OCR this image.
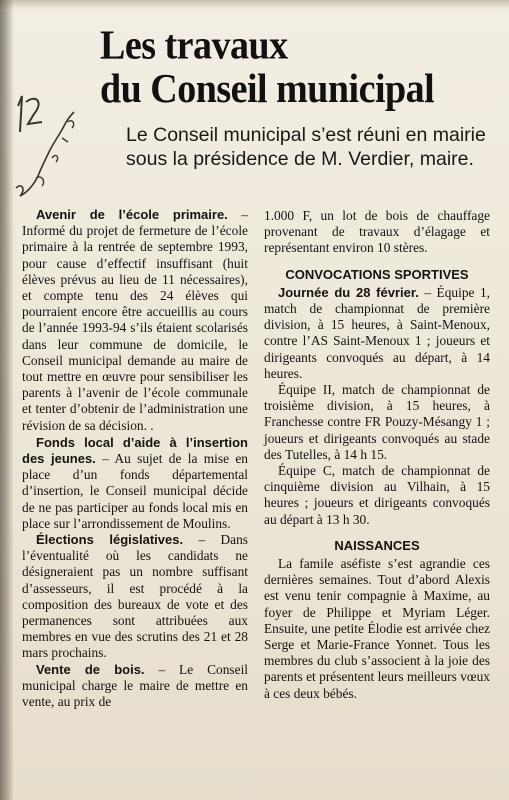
Les travaux
du Conseil municipal
Le Conseil municipal s’est réuni en mairie sous la présidence de M. Verdier, maire.

Avenir de l’école primaire. – Informé du projet de fermeture de l’école primaire à la rentrée de septembre 1993, pour cause d’effectif insuffisant (huit élèves prévus au lieu de 11 nécessaires), et compte tenu des 24 élèves qui pourraient encore être accueillis au cours de l’année 1993-94 s’ils étaient scolarisés dans leur commune de domicile, le Conseil municipal demande au maire de tout mettre en œuvre pour sensibiliser les parents à l’avenir de l’école communale et tenter d’obtenir de l’administration une révision de sa décision. .

Fonds local d’aide à l’insertion des jeunes. – Au sujet de la mise en place d’un fonds départemental d’insertion, le Conseil municipal décide de ne pas participer au fonds local mis en place sur l’arrondissement de Moulins.

Élections législatives. – Dans l’éventualité où les candidats ne désigneraient pas un nombre suffisant d’assesseurs, il est procédé à la composition des bureaux de vote et des permanences sont attribuées aux membres en vue des scrutins des 21 et 28 mars prochains.

Vente de bois. – Le Conseil municipal charge le maire de mettre en vente, au prix de

1.000 F, un lot de bois de chauffage provenant de travaux d’élagage et représentant environ 10 stères.

CONVOCATIONS SPORTIVES

Journée du 28 février. – Équipe 1, match de championnat de première division, à 15 heures, à Saint-Menoux, contre l’AS Saint-Menoux 1 ; joueurs et dirigeants convoqués au départ, à 14 heures.

Équipe II, match de championnat de troisième division, à 15 heures, à Franchesse contre FR Pouzy-Mésangy 1 ; joueurs et dirigeants convoqués au stade des Tutelles, à 14 h 15.

Équipe C, match de championnat de cinquième division au Vilhain, à 15 heures ; joueurs et dirigeants convoqués au départ à 13 h 30.

NAISSANCES

La famile aséfiste s’est agrandie ces dernières semaines. Tout d’abord Alexis est venu tenir compagnie à Maxime, au foyer de Philippe et Myriam Léger. Ensuite, une petite Élodie est arrivée chez Serge et Marie-France Yonnet. Tous les membres du club s’associent à la joie des parents et présentent leurs meilleurs vœux à ces deux bébés.
